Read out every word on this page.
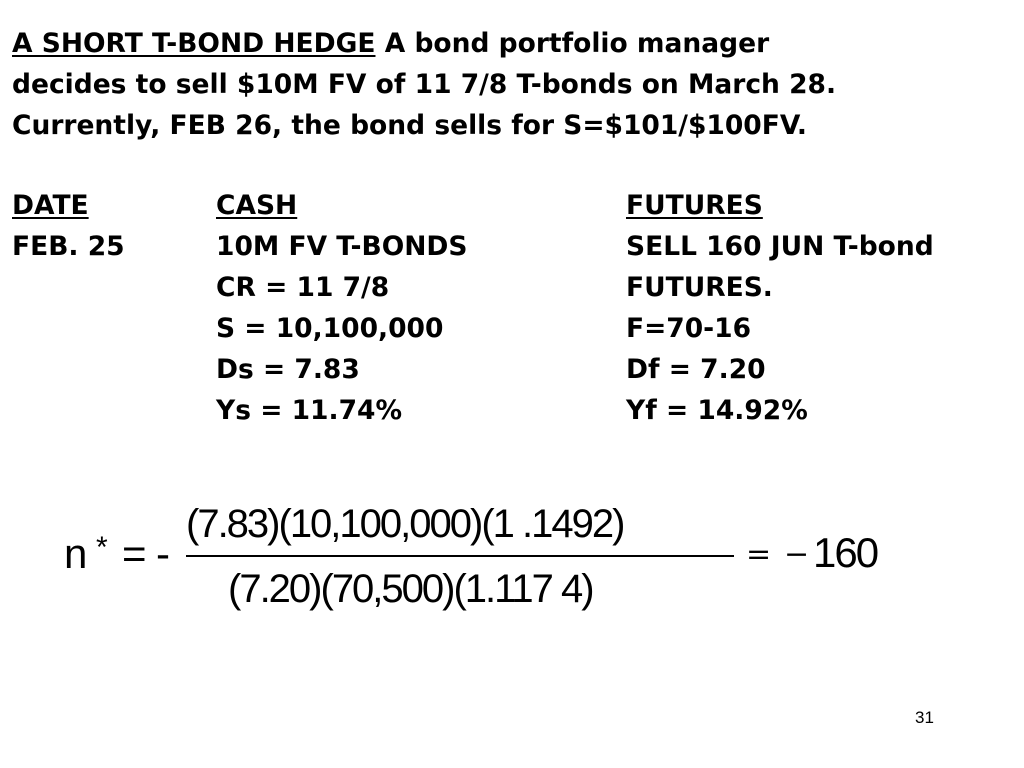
A SHORT T-BOND HEDGE A bond portfolio manager
decides to sell $10M FV of 11 7/8 T-bonds on March 28.
Currently, FEB 26, the bond sells for S=$101/$100FV.
DATE
FEB. 25
CASH
10M FV T-BONDS
CR = 11 7/8
S = 10,100,000
Ds = 7.83
Ys = 11.74%
FUTURES
SELL 160 JUN T-bond
FUTURES.
F=70-16
Df = 7.20
Yf = 14.92%
n * = -
(7.83)(10,100,000)(1 .1492)
(7.20)(70,500)(1.117 4)
= − 160
31
